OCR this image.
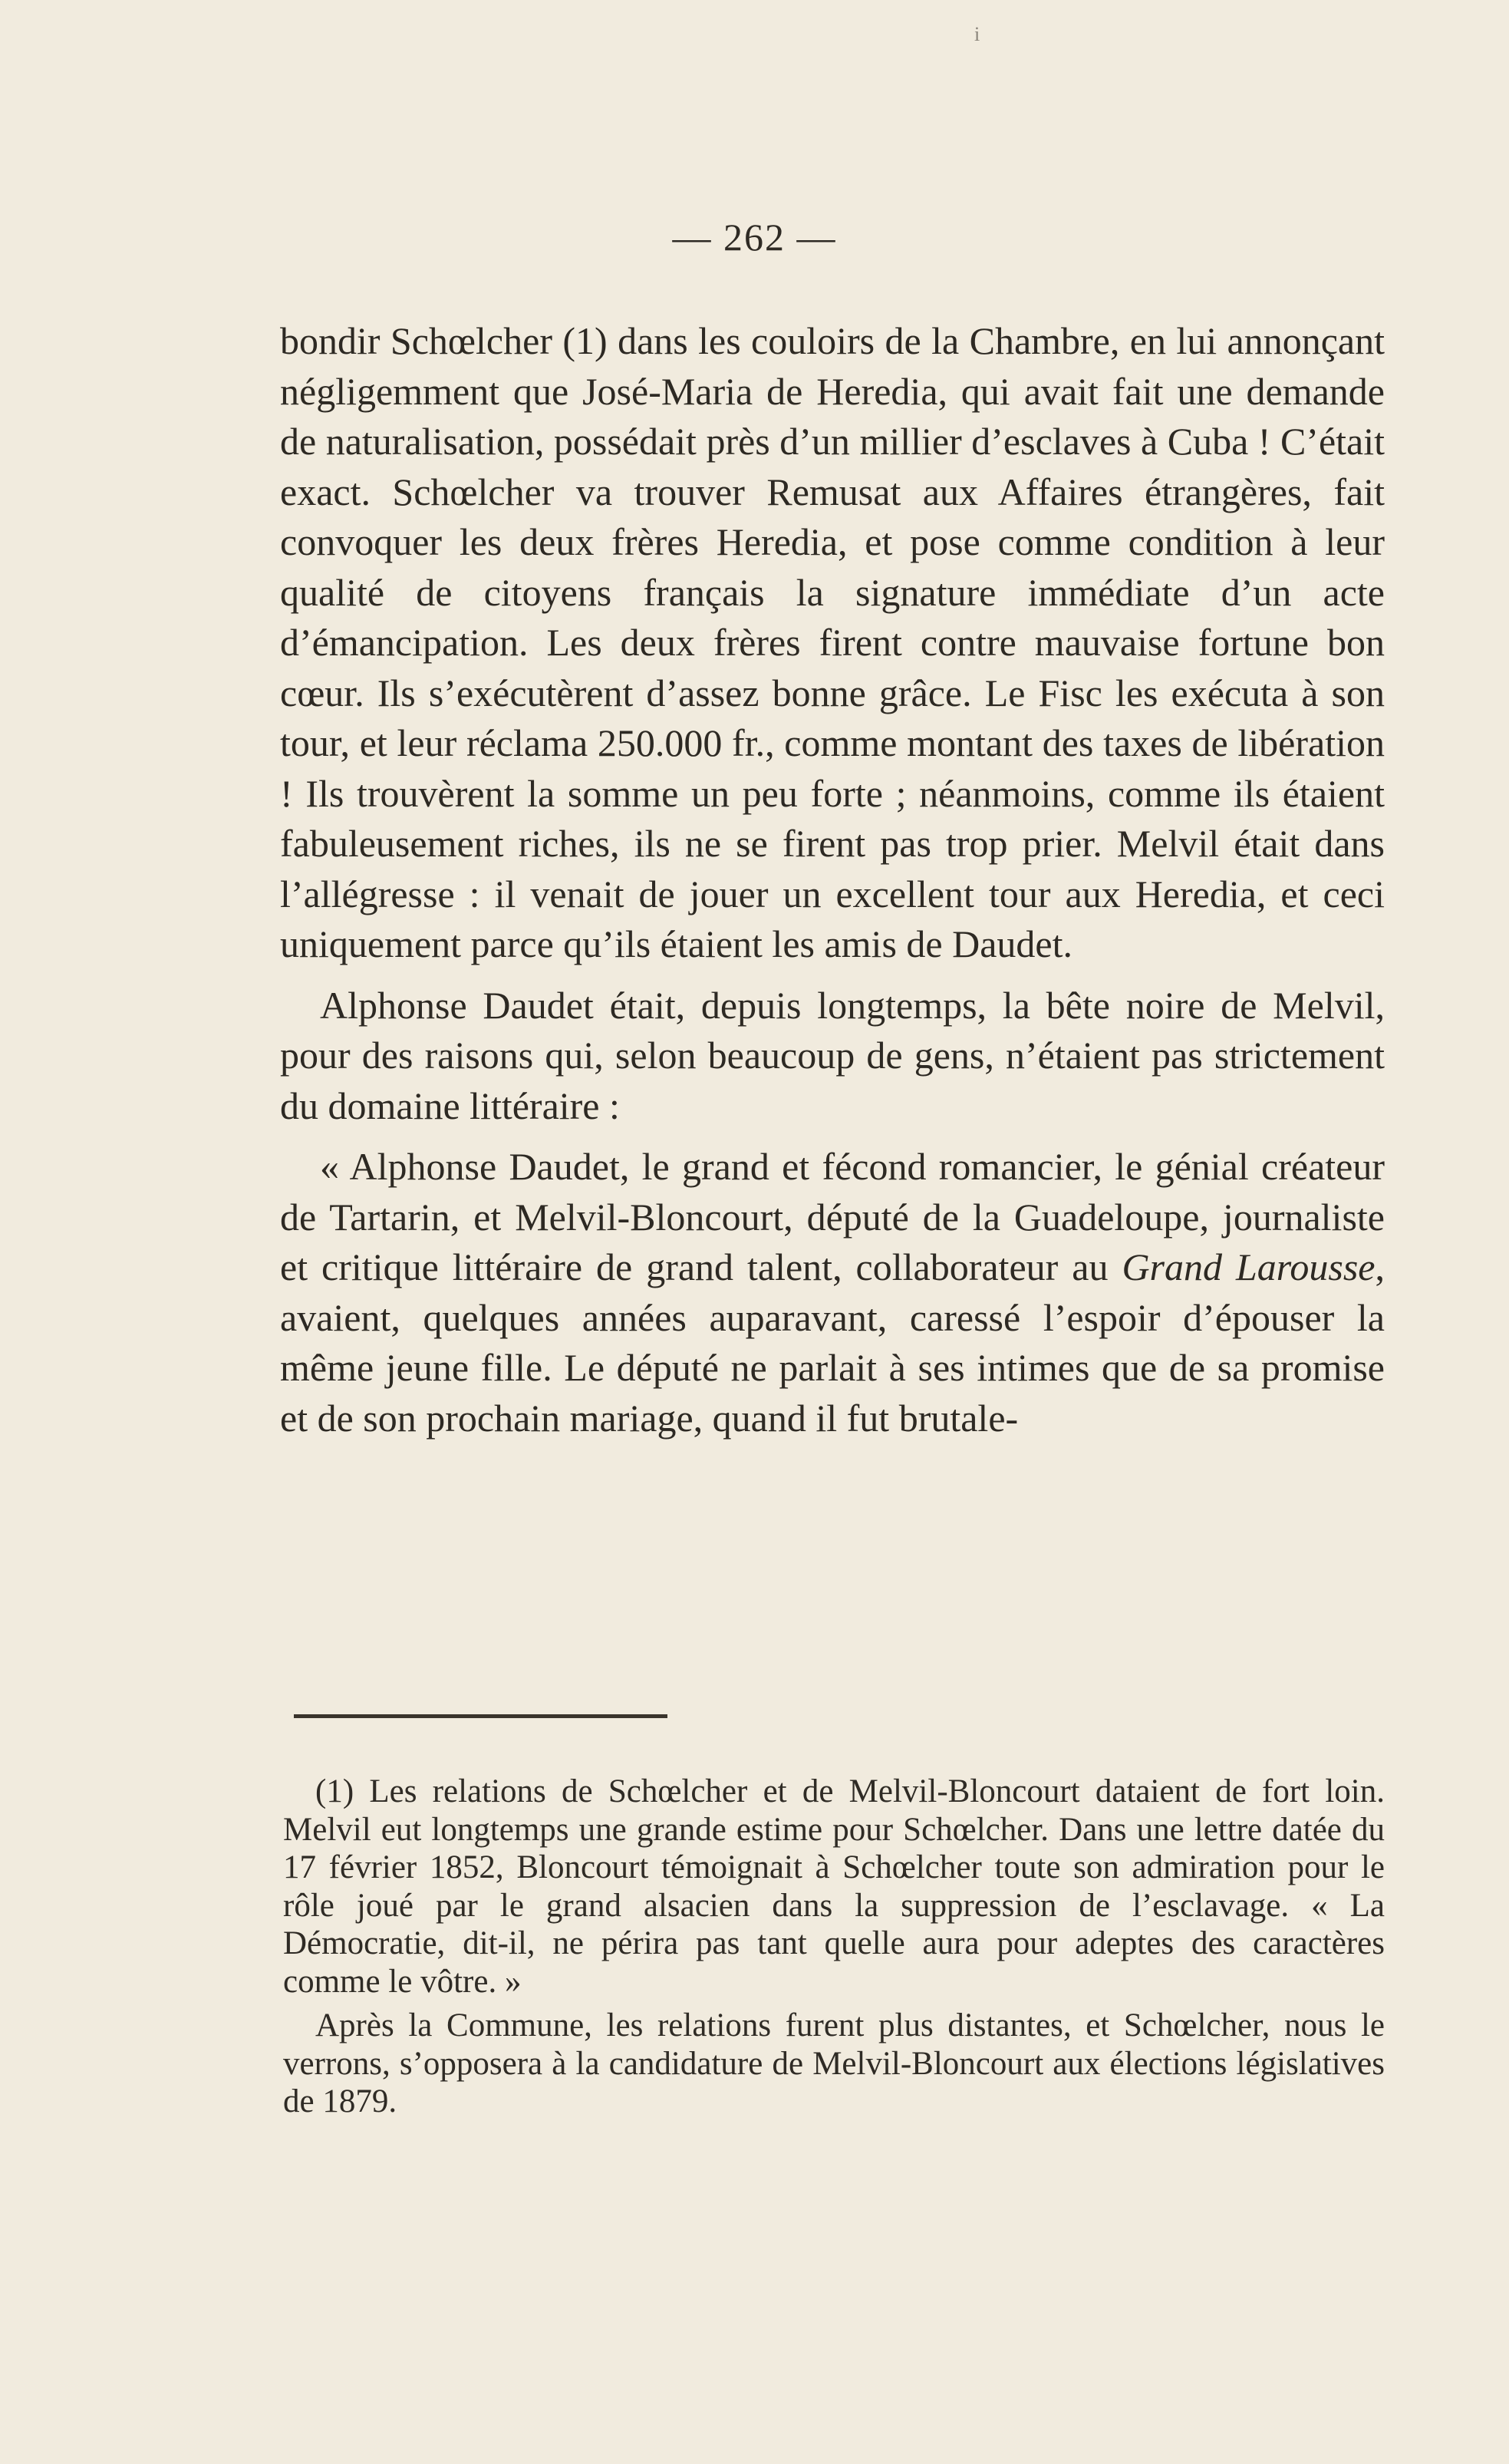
i
— 262 —

bondir Schœlcher (1) dans les couloirs de la Chambre, en lui annonçant négligemment que José-Maria de Heredia, qui avait fait une demande de naturalisation, possédait près d’un millier d’esclaves à Cuba ! C’était exact. Schœlcher va trouver Remusat aux Affaires étrangères, fait convoquer les deux frères Heredia, et pose comme condition à leur qualité de citoyens français la signature immédiate d’un acte d’émancipation. Les deux frères firent contre mauvaise fortune bon cœur. Ils s’exécutèrent d’assez bonne grâce. Le Fisc les exécuta à son tour, et leur réclama 250.000 fr., comme montant des taxes de libération ! Ils trouvèrent la somme un peu forte ; néanmoins, comme ils étaient fabuleusement riches, ils ne se firent pas trop prier. Melvil était dans l’allégresse : il venait de jouer un excellent tour aux Heredia, et ceci uniquement parce qu’ils étaient les amis de Daudet.

Alphonse Daudet était, depuis longtemps, la bête noire de Melvil, pour des raisons qui, selon beaucoup de gens, n’étaient pas strictement du domaine littéraire :

« Alphonse Daudet, le grand et fécond romancier, le génial créateur de Tartarin, et Melvil-Bloncourt, député de la Guadeloupe, journaliste et critique littéraire de grand talent, collaborateur au Grand Larousse, avaient, quelques années auparavant, caressé l’espoir d’épouser la même jeune fille. Le député ne parlait à ses intimes que de sa promise et de son prochain mariage, quand il fut brutale-

(1) Les relations de Schœlcher et de Melvil-Bloncourt dataient de fort loin. Melvil eut longtemps une grande estime pour Schœlcher. Dans une lettre datée du 17 février 1852, Bloncourt témoignait à Schœlcher toute son admiration pour le rôle joué par le grand alsacien dans la suppression de l’esclavage. « La Démocratie, dit-il, ne périra pas tant quelle aura pour adeptes des caractères comme le vôtre. »

Après la Commune, les relations furent plus distantes, et Schœlcher, nous le verrons, s’opposera à la candidature de Melvil-Bloncourt aux élections législatives de 1879.
